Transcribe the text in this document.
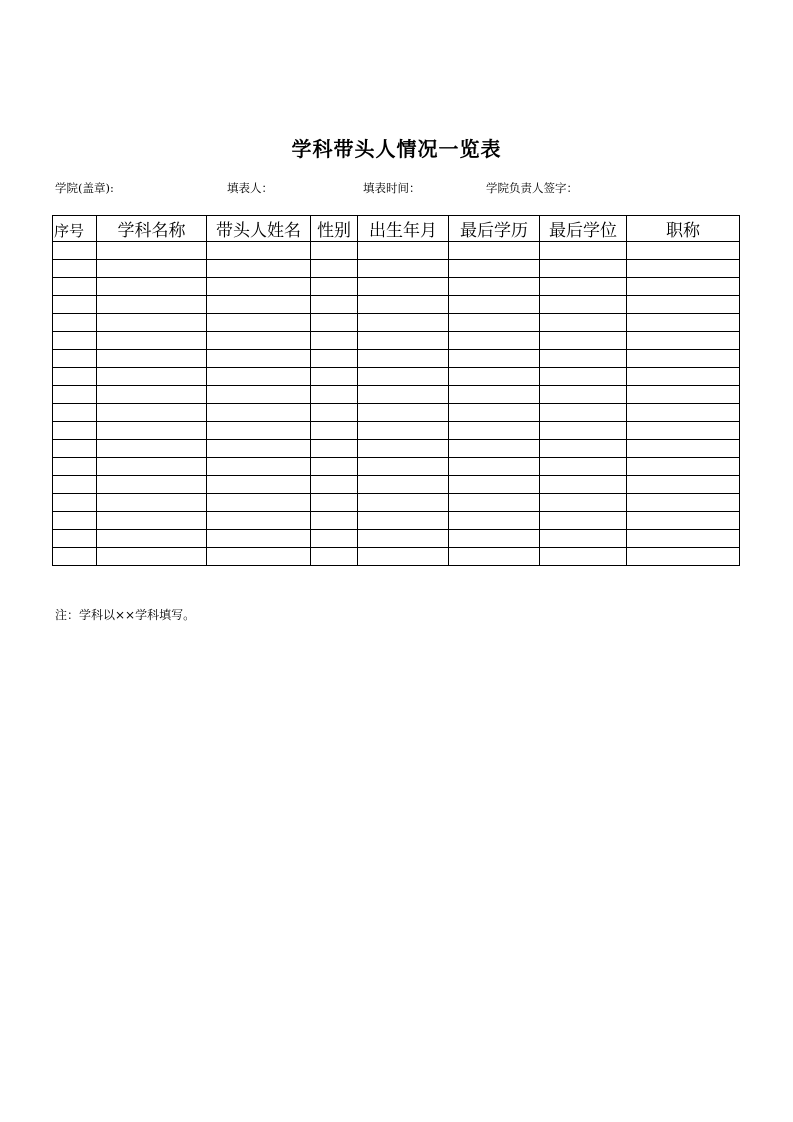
学科带头人情况一览表
学院(盖章):	填表人：	填表时间：	学院负责人签字：
序号	学科名称	带头人姓名	性别	出生年月	最后学历	最后学位	职称

注：学科以××学科填写。
